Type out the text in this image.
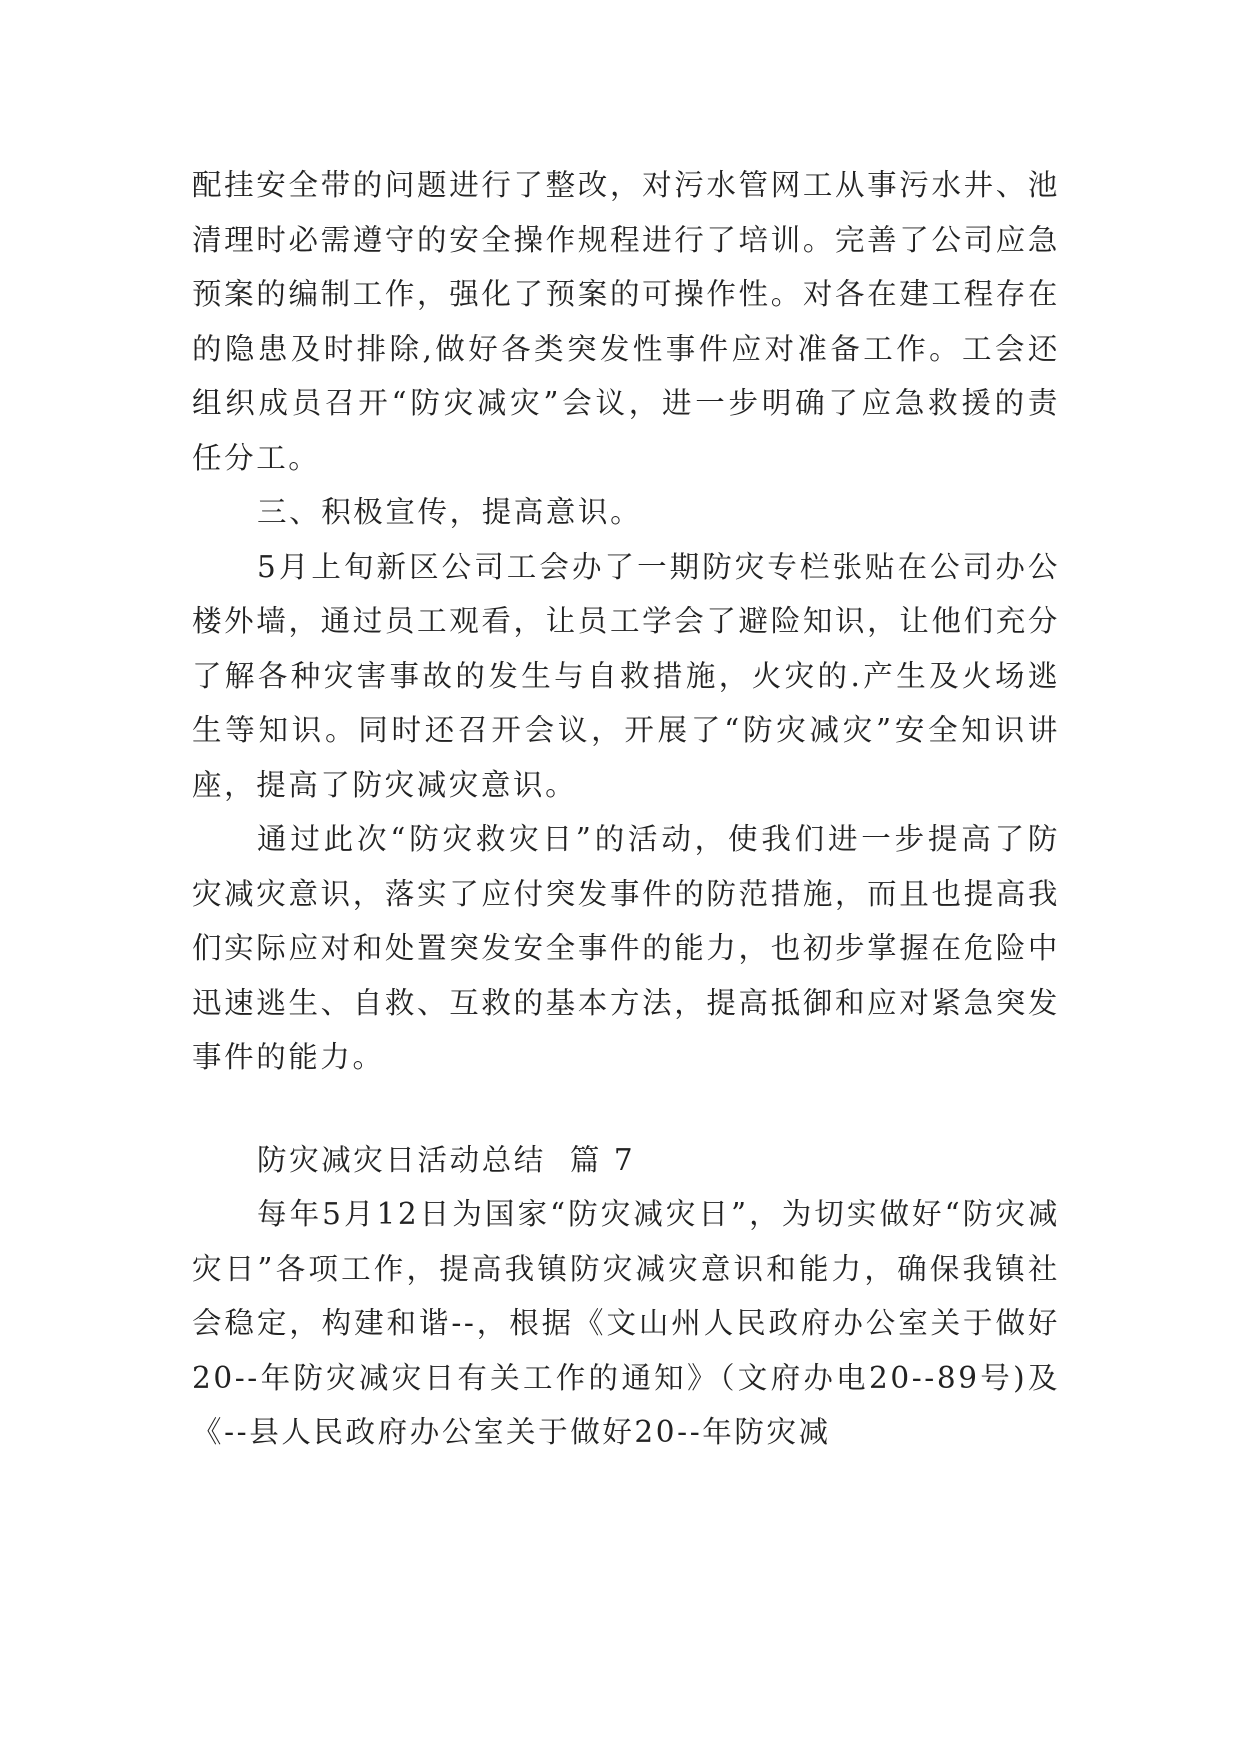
配挂安全带的问题进行了整改，对污水管网工从事污水井、池清理时必需遵守的安全操作规程进行了培训。完善了公司应急预案的编制工作，强化了预案的可操作性。对各在建工程存在的隐患及时排除,做好各类突发性事件应对准备工作。工会还组织成员召开“防灾减灾”会议，进一步明确了应急救援的责任分工。

三、积极宣传，提高意识。

5月上旬新区公司工会办了一期防灾专栏张贴在公司办公楼外墙，通过员工观看，让员工学会了避险知识，让他们充分了解各种灾害事故的发生与自救措施，火灾的.产生及火场逃生等知识。同时还召开会议，开展了“防灾减灾”安全知识讲座，提高了防灾减灾意识。

通过此次“防灾救灾日”的活动，使我们进一步提高了防灾减灾意识，落实了应付突发事件的防范措施，而且也提高我们实际应对和处置突发安全事件的能力，也初步掌握在危险中迅速逃生、自救、互救的基本方法，提高抵御和应对紧急突发事件的能力。

防灾减灾日活动总结  篇 7

每年5月12日为国家“防灾减灾日”，为切实做好“防灾减灾日”各项工作，提高我镇防灾减灾意识和能力，确保我镇社会稳定，构建和谐--，根据《文山州人民政府办公室关于做好20--年防灾减灾日有关工作的通知》（文府办电20--89号)及《--县人民政府办公室关于做好20--年防灾减
